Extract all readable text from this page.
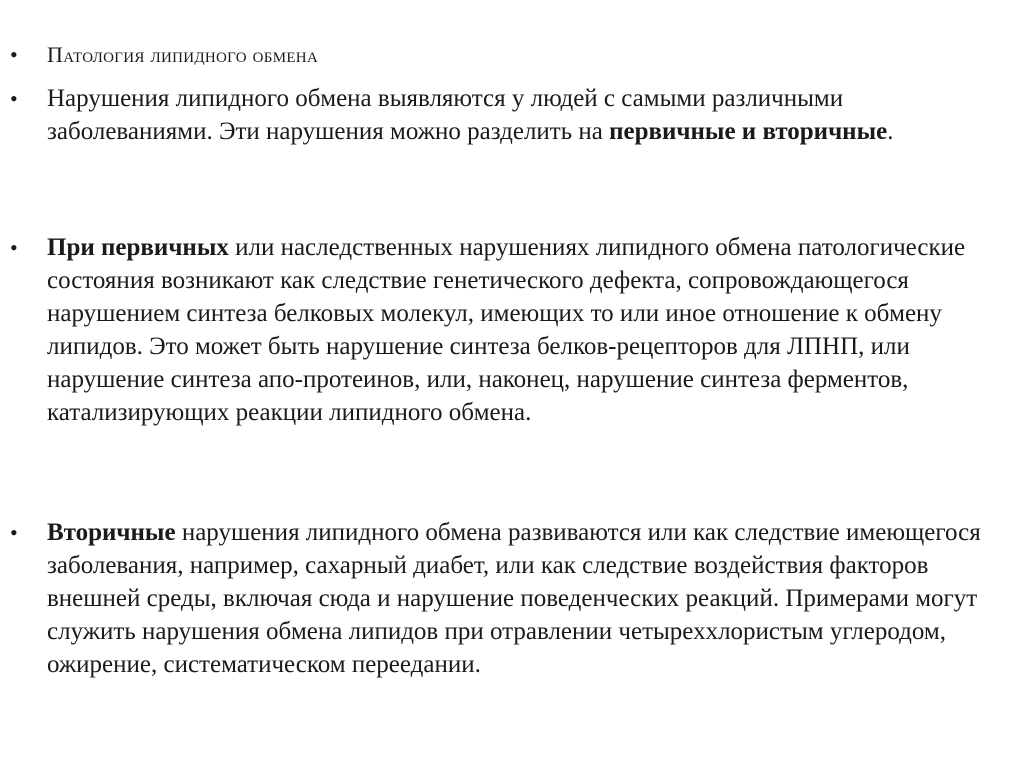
• Патология липидного обмена
• Нарушения липидного обмена выявляются у людей с самыми различными заболеваниями. Эти нарушения можно разделить на первичные и вторичные.
• При первичных или наследственных нарушениях липидного обмена патологические состояния возникают как следствие генетического дефекта, сопровождающегося нарушением синтеза белковых молекул, имеющих то или иное отношение к обмену липидов. Это может быть нарушение синтеза белков-рецепторов для ЛПНП, или нарушение синтеза апо-протеинов, или, наконец, нарушение синтеза ферментов, катализирующих реакции липидного обмена.
• Вторичные нарушения липидного обмена развиваются или как следствие имеющегося заболевания, например, сахарный диабет, или как следствие воздействия факторов внешней среды, включая сюда и нарушение поведенческих реакций. Примерами могут служить нарушения обмена липидов при отравлении четыреххлористым углеродом, ожирение, систематическом переедании.
